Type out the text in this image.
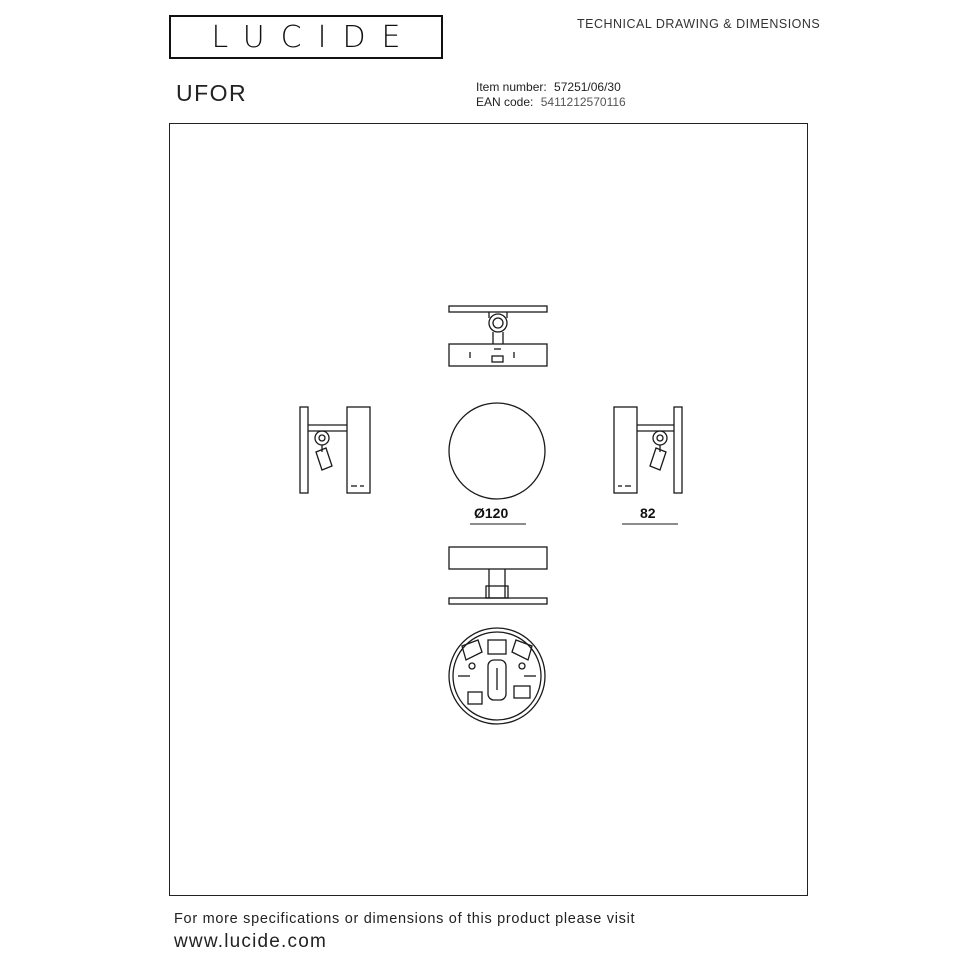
LUCIDE	TECHNICAL DRAWING & DIMENSIONS
UFOR	Item number: 57251/06/30
EAN code: 5411212570116
Ø120	82
For more specifications or dimensions of this product please visit
www.lucide.com
